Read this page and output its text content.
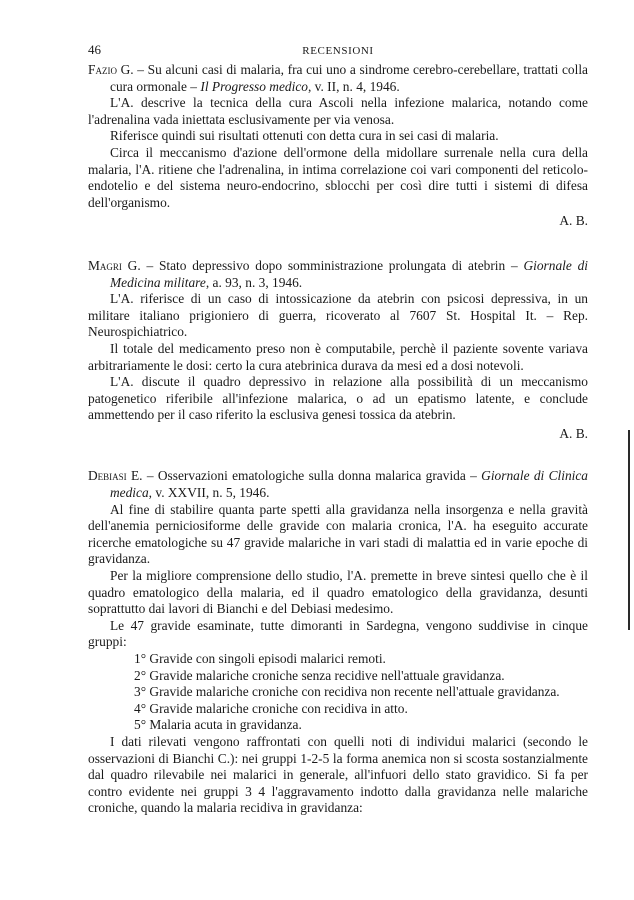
46	RECENSIONI

Fazio G. – Su alcuni casi di malaria, fra cui uno a sindrome cerebro-cerebellare, trattati colla cura ormonale – Il Progresso medico, v. II, n. 4, 1946.

L'A. descrive la tecnica della cura Ascoli nella infezione malarica, notando come l'adrenalina vada iniettata esclusivamente per via venosa.

Riferisce quindi sui risultati ottenuti con detta cura in sei casi di malaria.

Circa il meccanismo d'azione dell'ormone della midollare surrenale nella cura della malaria, l'A. ritiene che l'adrenalina, in intima correlazione coi vari componenti del reticolo-endotelio e del sistema neuro-endocrino, sblocchi per così dire tutti i sistemi di difesa dell'organismo.

A. B.

Magri G. – Stato depressivo dopo somministrazione prolungata di atebrin – Giornale di Medicina militare, a. 93, n. 3, 1946.

L'A. riferisce di un caso di intossicazione da atebrin con psicosi depressiva, in un militare italiano prigioniero di guerra, ricoverato al 7607 St. Hospital It. – Rep. Neurospichiatrico.

Il totale del medicamento preso non è computabile, perchè il paziente sovente variava arbitrariamente le dosi: certo la cura atebrinica durava da mesi ed a dosi notevoli.

L'A. discute il quadro depressivo in relazione alla possibilità di un meccanismo patogenetico riferibile all'infezione malarica, o ad un epatismo latente, e conclude ammettendo per il caso riferito la esclusiva genesi tossica da atebrin.

A. B.

Debiasi E. – Osservazioni ematologiche sulla donna malarica gravida – Giornale di Clinica medica, v. XXVII, n. 5, 1946.

Al fine di stabilire quanta parte spetti alla gravidanza nella insorgenza e nella gravità dell'anemia perniciosiforme delle gravide con malaria cronica, l'A. ha eseguito accurate ricerche ematologiche su 47 gravide malariche in vari stadi di malattia ed in varie epoche di gravidanza.

Per la migliore comprensione dello studio, l'A. premette in breve sintesi quello che è il quadro ematologico della malaria, ed il quadro ematologico della gravidanza, desunti soprattutto dai lavori di Bianchi e del Debiasi medesimo.

Le 47 gravide esaminate, tutte dimoranti in Sardegna, vengono suddivise in cinque gruppi:

1° Gravide con singoli episodi malarici remoti.
2° Gravide malariche croniche senza recidive nell'attuale gravidanza.
3° Gravide malariche croniche con recidiva non recente nell'attuale gravidanza.
4° Gravide malariche croniche con recidiva in atto.
5° Malaria acuta in gravidanza.

I dati rilevati vengono raffrontati con quelli noti di individui malarici (secondo le osservazioni di Bianchi C.): nei gruppi 1-2-5 la forma anemica non si scosta sostanzialmente dal quadro rilevabile nei malarici in generale, all'infuori dello stato gravidico. Si fa per contro evidente nei gruppi 3 4 l'aggravamento indotto dalla gravidanza nelle malariche croniche, quando la malaria recidiva in gravidanza:
